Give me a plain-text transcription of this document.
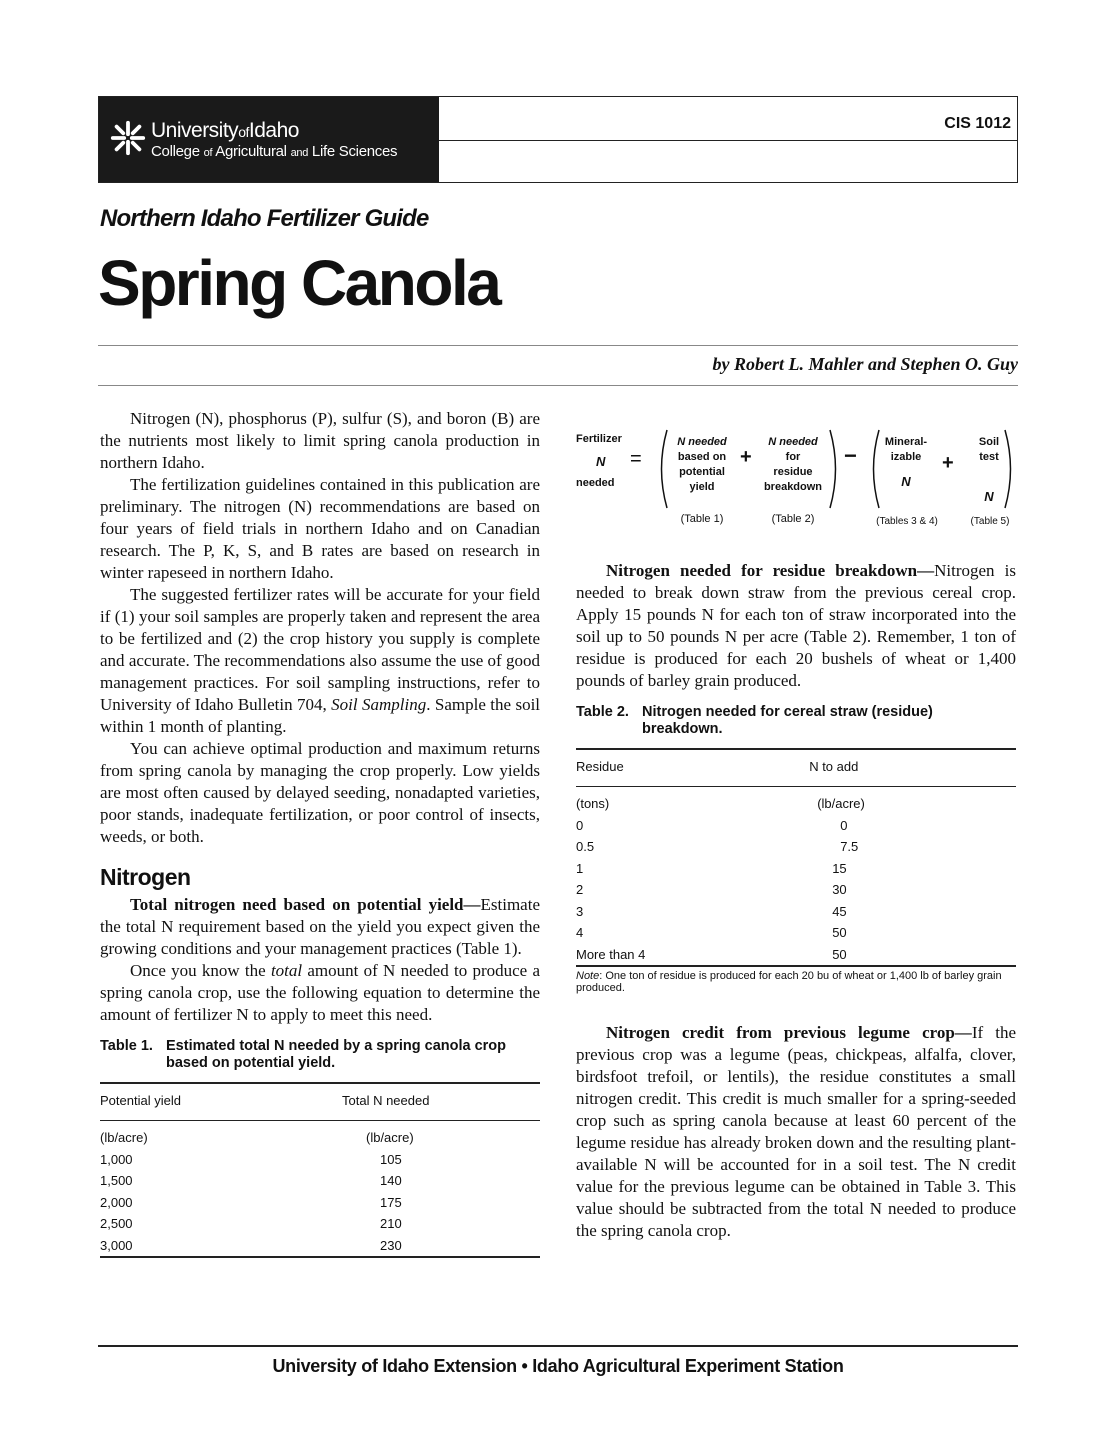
UniversityofIdaho
College of Agricultural and Life Sciences
CIS 1012
Northern Idaho Fertilizer Guide
Spring Canola
by Robert L. Mahler and Stephen O. Guy

Nitrogen (N), phosphorus (P), sulfur (S), and boron (B) are the nutrients most likely to limit spring canola production in northern Idaho.

The fertilization guidelines contained in this publication are preliminary. The nitrogen (N) recommendations are based on four years of field trials in northern Idaho and on Canadian research. The P, K, S, and B rates are based on research in winter rapeseed in northern Idaho.

The suggested fertilizer rates will be accurate for your field if (1) your soil samples are properly taken and represent the area to be fertilized and (2) the crop history you supply is complete and accurate. The recommendations also assume the use of good management practices. For soil sampling instructions, refer to University of Idaho Bulletin 704, Soil Sampling. Sample the soil within 1 month of planting.

You can achieve optimal production and maximum returns from spring canola by managing the crop properly. Low yields are most often caused by delayed seeding, nonadapted varieties, poor stands, inadequate fertilization, or poor control of insects, weeds, or both.

Nitrogen

Total nitrogen need based on potential yield—Estimate the total N requirement based on the yield you expect given the growing conditions and your management practices (Table 1).

Once you know the total amount of N needed to produce a spring canola crop, use the following equation to determine the amount of fertilizer N to apply to meet this need.

Table 1. Estimated total N needed by a spring canola crop based on potential yield.
Potential yield	Total N needed
(lb/acre)	(lb/acre)
1,000	105
1,500	140
2,000	175
2,500	210
3,000	230
Fertilizer
N
needed
=
N needed
based on
potential
yield
+
N needed
for
residue
breakdown
−
Mineral-
izable
N
+
Soil
test
N
(Table 1)	(Table 2)	(Tables 3 & 4)	(Table 5)

Nitrogen needed for residue breakdown—Nitrogen is needed to break down straw from the previous cereal crop. Apply 15 pounds N for each ton of straw incorporated into the soil up to 50 pounds N per acre (Table 2). Remember, 1 ton of residue is produced for each 20 bushels of wheat or 1,400 pounds of barley grain produced.

Table 2. Nitrogen needed for cereal straw (residue) breakdown.
Residue	N to add
(tons)	(lb/acre)
0	0
0.5	7.5
1	15
2	30
3	45
4	50
More than 4	50
Note: One ton of residue is produced for each 20 bu of wheat or 1,400 lb of barley grain produced.

Nitrogen credit from previous legume crop—If the previous crop was a legume (peas, chickpeas, alfalfa, clover, birdsfoot trefoil, or lentils), the residue constitutes a small nitrogen credit. This credit is much smaller for a spring-seeded crop such as spring canola because at least 60 percent of the legume residue has already broken down and the resulting plant-available N will be accounted for in a soil test. The N credit value for the previous legume can be obtained in Table 3. This value should be subtracted from the total N needed to produce the spring canola crop.

University of Idaho Extension • Idaho Agricultural Experiment Station
